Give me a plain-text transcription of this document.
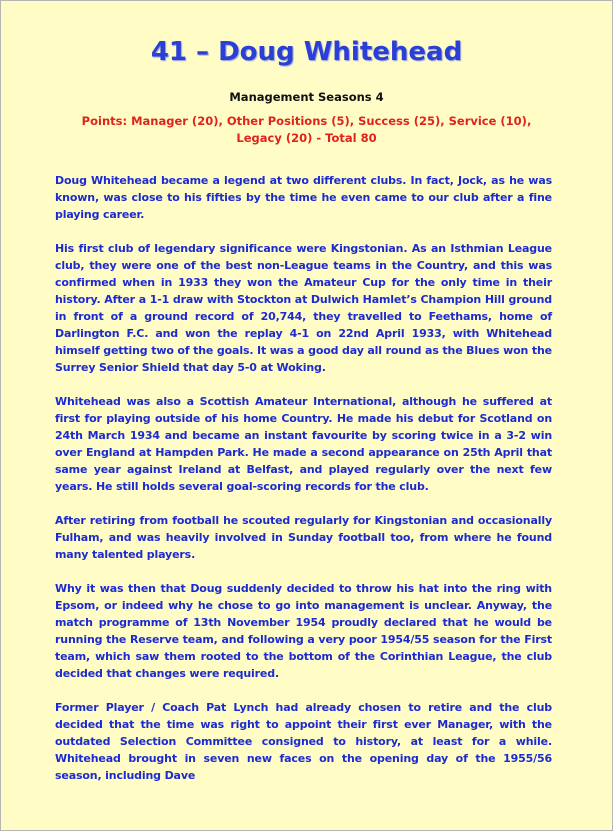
41 – Doug Whitehead
Management Seasons 4
Points: Manager (20), Other Positions (5), Success (25), Service (10), Legacy (20) - Total 80

Doug Whitehead became a legend at two different clubs. In fact, Jock, as he was known, was close to his fifties by the time he even came to our club after a fine playing career.

His first club of legendary significance were Kingstonian. As an Isthmian League club, they were one of the best non-League teams in the Country, and this was confirmed when in 1933 they won the Amateur Cup for the only time in their history. After a 1-1 draw with Stockton at Dulwich Hamlet’s Champion Hill ground in front of a ground record of 20,744, they travelled to Feethams, home of Darlington F.C. and won the replay 4-1 on 22nd April 1933, with Whitehead himself getting two of the goals. It was a good day all round as the Blues won the Surrey Senior Shield that day 5-0 at Woking.

Whitehead was also a Scottish Amateur International, although he suffered at first for playing outside of his home Country. He made his debut for Scotland on 24th March 1934 and became an instant favourite by scoring twice in a 3-2 win over England at Hampden Park. He made a second appearance on 25th April that same year against Ireland at Belfast, and played regularly over the next few years. He still holds several goal-scoring records for the club.

After retiring from football he scouted regularly for Kingstonian and occasionally Fulham, and was heavily involved in Sunday football too, from where he found many talented players.

Why it was then that Doug suddenly decided to throw his hat into the ring with Epsom, or indeed why he chose to go into management is unclear. Anyway, the match programme of 13th November 1954 proudly declared that he would be running the Reserve team, and following a very poor 1954/55 season for the First team, which saw them rooted to the bottom of the Corinthian League, the club decided that changes were required.

Former Player / Coach Pat Lynch had already chosen to retire and the club decided that the time was right to appoint their first ever Manager, with the outdated Selection Committee consigned to history, at least for a while. Whitehead brought in seven new faces on the opening day of the 1955/56 season, including Dave
